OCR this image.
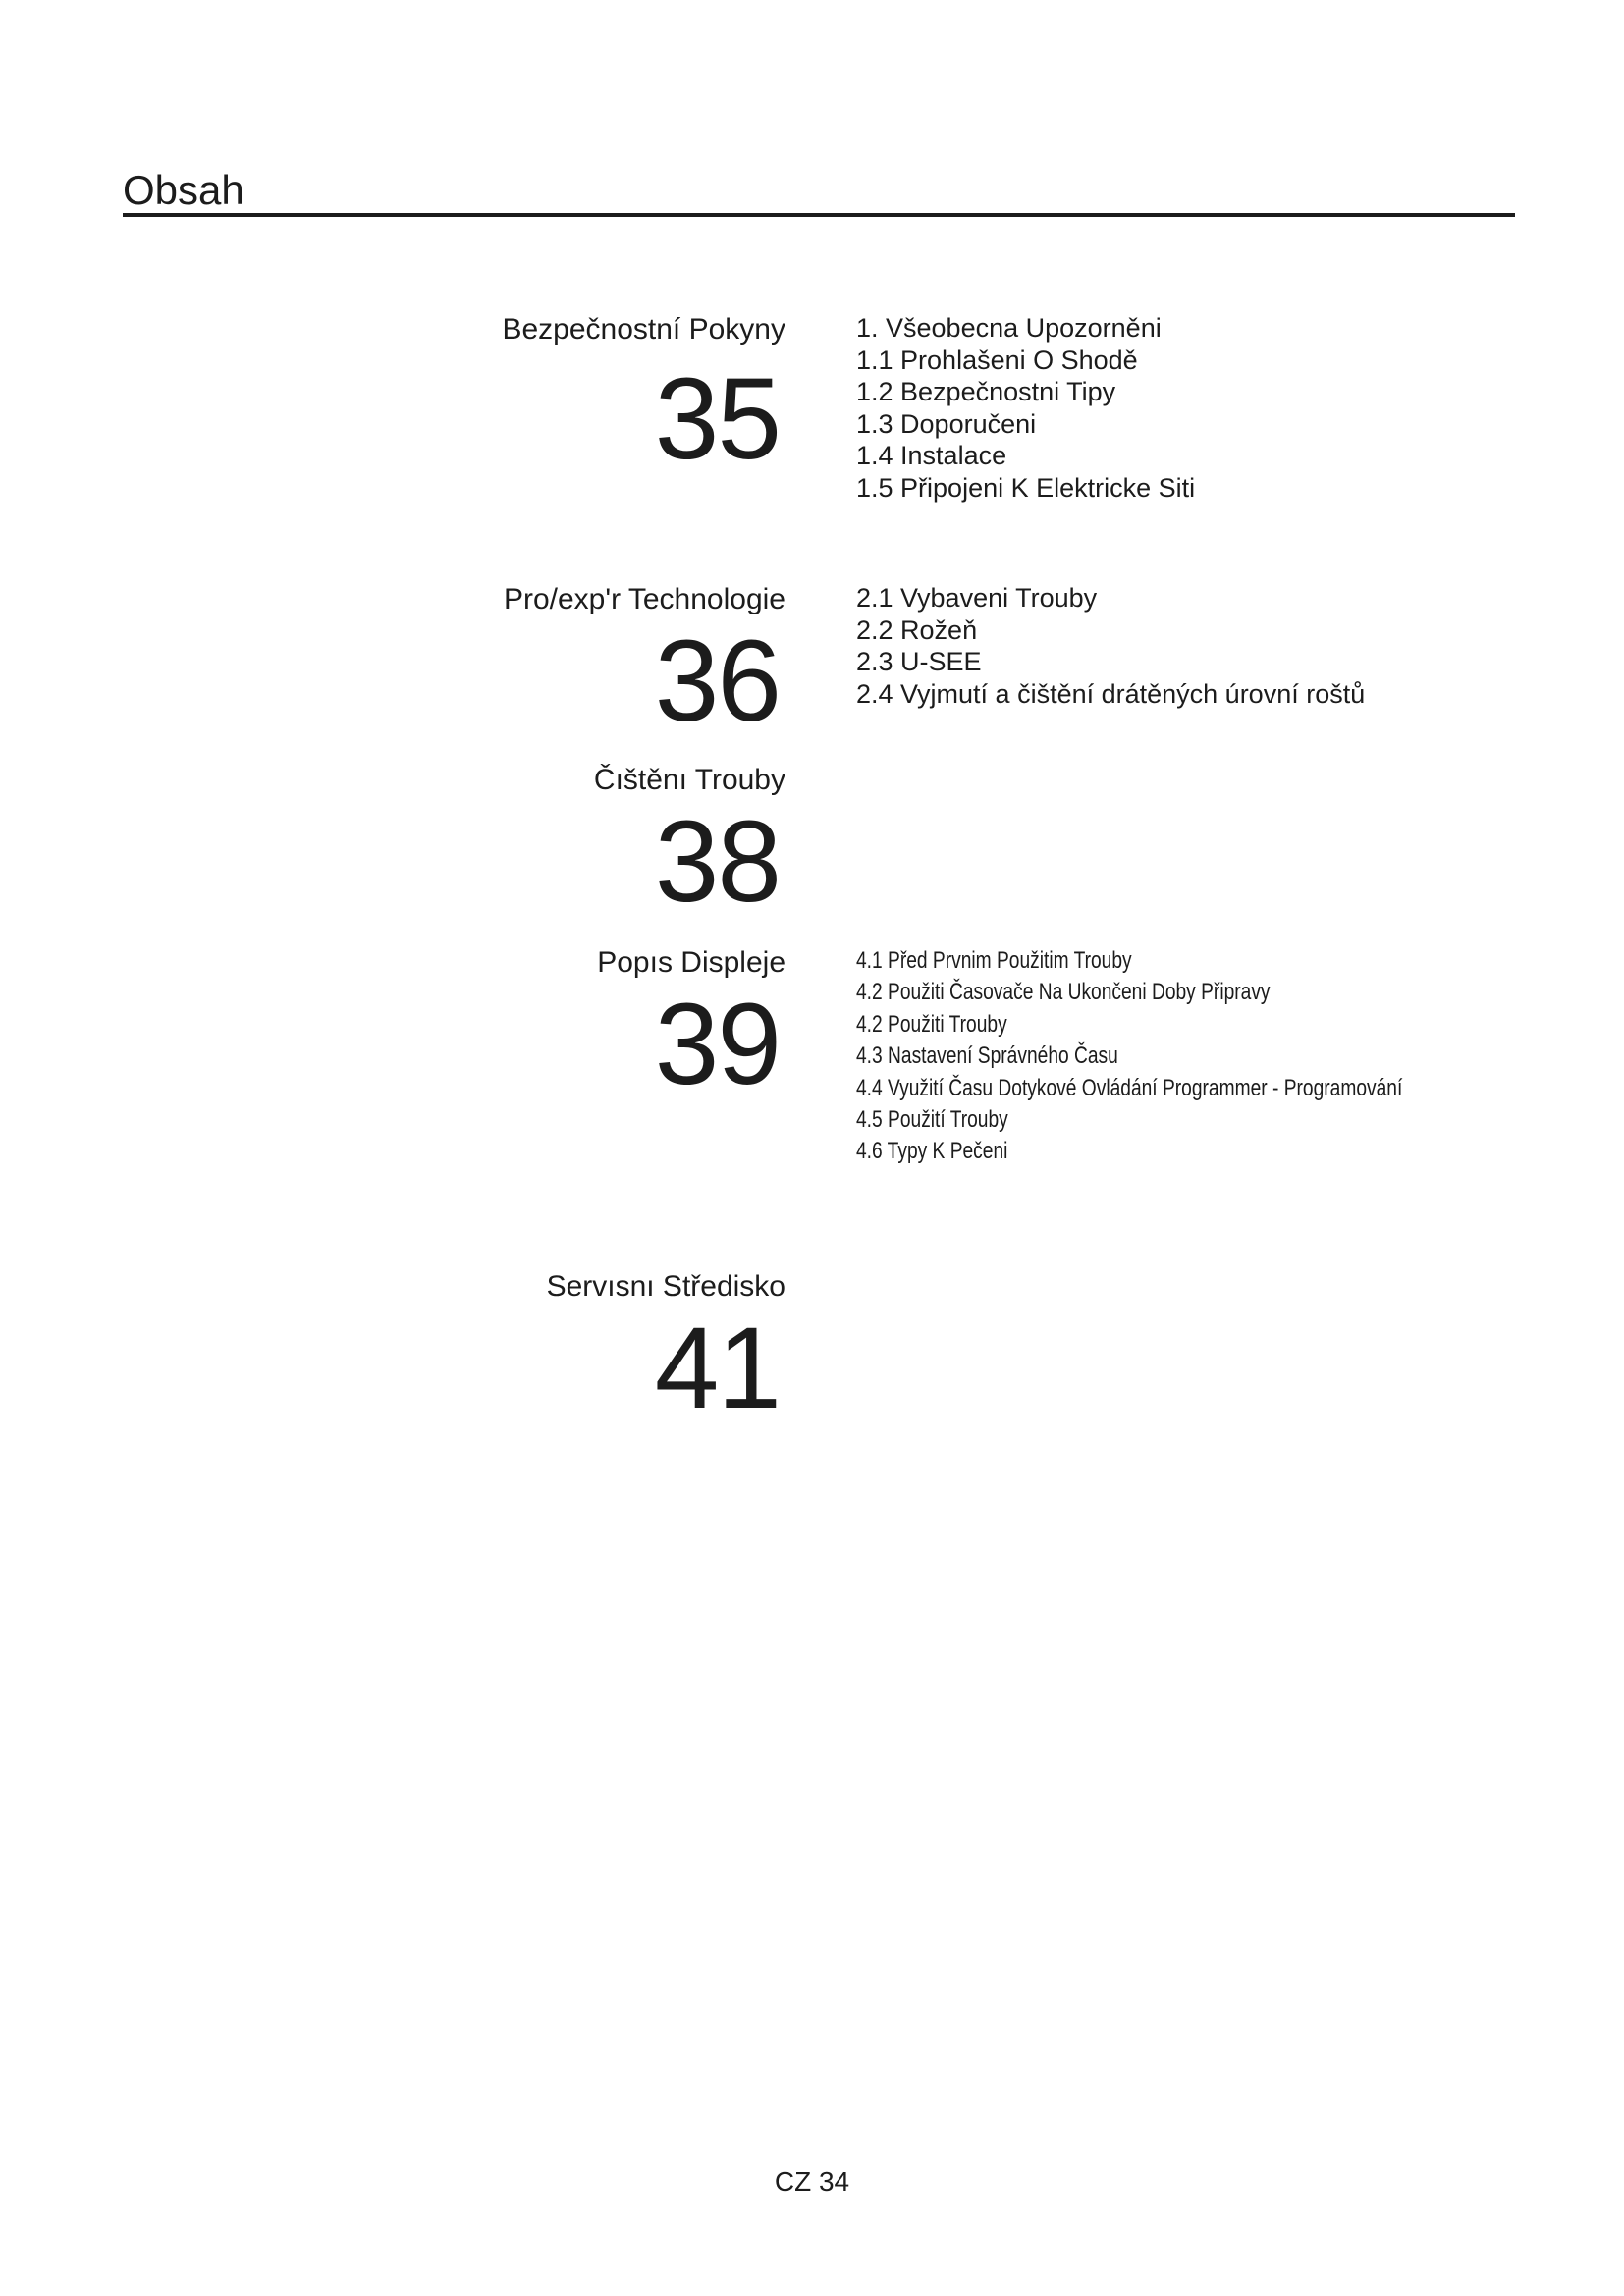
Obsah
Bezpečnostní Pokyny
35
1. Všeobecna Upozorněni
1.1 Prohlašeni O Shodě
1.2 Bezpečnostni Tipy
1.3 Doporučeni
1.4 Instalace
1.5 Připojeni K Elektricke Siti
Pro/exp'r Technologie
36
2.1 Vybaveni Trouby
2.2 Rožeň
2.3 U-SEE
2.4 Vyjmutí a čištění drátěných úrovní roštů
Čıštěnı Trouby
38
Popıs Displeje
39
4.1 Před Prvnim Použitim Trouby
4.2 Použiti Časovače Na Ukončeni Doby Připravy
4.2 Použiti Trouby
4.3 Nastavení Správného Času
4.4 Využití Času Dotykové Ovládání Programmer - Programování
4.5 Použití Trouby
4.6 Typy K Pečeni
Servısnı Střediskо
41
CZ 34
